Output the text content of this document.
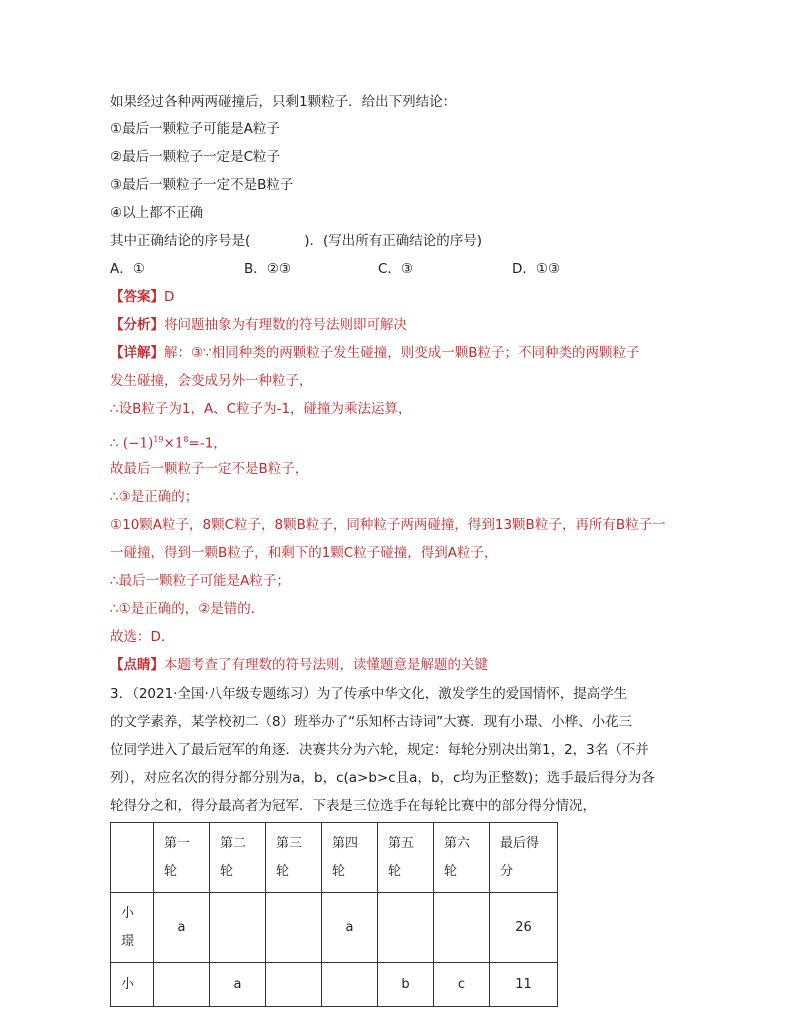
如果经过各种两两碰撞后，只剩1颗粒子．给出下列结论：
①最后一颗粒子可能是A粒子
②最后一颗粒子一定是C粒子
③最后一颗粒子一定不是B粒子
④以上都不正确
其中正确结论的序号是(　　　　)．(写出所有正确结论的序号)
A．①	B．②③	C．③	D．①③
【答案】D
【分析】将问题抽象为有理数的符号法则即可解决
【详解】解：③∵相同种类的两颗粒子发生碰撞，则变成一颗B粒子；不同种类的两颗粒子
发生碰撞，会变成另外一种粒子，
∴设B粒子为1，A、C粒子为-1，碰撞为乘法运算，
∴ $(-1)^{19}\times 1^8=-1$，
故最后一颗粒子一定不是B粒子，
∴③是正确的；
①10颗A粒子，8颗C粒子，8颗B粒子，同种粒子两两碰撞，得到13颗B粒子，再所有B粒子一
一碰撞，得到一颗B粒子，和剩下的1颗C粒子碰撞，得到A粒子，
∴最后一颗粒子可能是A粒子；
∴①是正确的，②是错的．
故选：D．
【点睛】本题考查了有理数的符号法则，读懂题意是解题的关键
3．（2021·全国·八年级专题练习）为了传承中华文化，激发学生的爱国情怀，提高学生
的文学素养，某学校初二（8）班举办了“乐知杯古诗词”大赛．现有小璟、小桦、小花三
位同学进入了最后冠军的角逐．决赛共分为六轮，规定：每轮分别决出第1，2，3名（不并
列），对应名次的得分都分别为a，b，c(a>b>c且a，b，c均为正整数)；选手最后得分为各
轮得分之和，得分最高者为冠军．下表是三位选手在每轮比赛中的部分得分情况，
	第一
轮	第二
轮	第三
轮	第四
轮	第五
轮	第六
轮	最后得
分
小
璟	a			a			26
小		a			b	c	11
